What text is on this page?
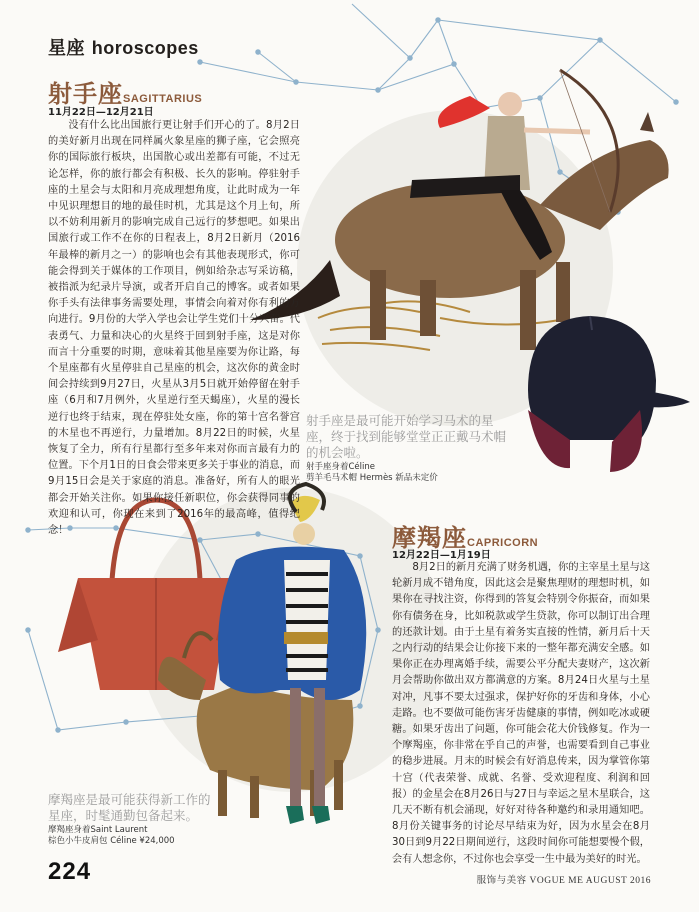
星座 horoscopes
射手座SAGITTARIUS
11月22日—12月21日
没有什么比出国旅行更让射手们开心的了。8月2日的美好新月出现在同样属火象星座的狮子座，它会照亮你的国际旅行板块，出国散心或出差都有可能，不过无论怎样，你的旅行都会有积极、长久的影响。停驻射手座的土星会与太阳和月亮成理想角度，让此时成为一年中见识理想目的地的最佳时机，尤其是这个月上旬，所以不妨利用新月的影响完成自己远行的梦想吧。如果出国旅行或工作不在你的日程表上，8月2日新月（2016年最棒的新月之一）的影响也会有其他表现形式，你可能会得到关于媒体的工作项目，例如给杂志写采访稿，被指派为纪录片导演，或者开启自己的博客。或者如果你手头有法律事务需要处理，事情会向着对你有利的方向进行。9月份的大学入学也会让学生党们十分兴奋。代表勇气、力量和决心的火星终于回到射手座，这是对你而言十分重要的时期，意味着其他星座要为你让路，每个星座都有火星停驻自己星座的机会，这次你的黄金时间会持续到9月27日，火星从3月5日就开始停留在射手座（6月和7月例外，火星逆行至天蝎座），火星的漫长逆行也终于结束，现在停驻处女座，你的第十宫名誉宫的木星也不再逆行，力量增加。8月22日的时候，火星恢复了全力，所有行星都行至多年来对你而言最有力的位置。下个月1日的日食会带来更多关于事业的消息，而9月15日会是关于家庭的消息。准备好，所有人的眼光都会开始关注你。如果你接任新职位，你会获得同事的欢迎和认可，你现在来到了2016年的最高峰，值得纪念！
射手座是最可能开始学习马术的星座，终于找到能够堂堂正正戴马术帽的机会啦。
射手座身着Céline
剪羊毛马术帽 Hermès 新品未定价
摩羯座CAPRICORN
12月22日—1月19日
8月2日的新月充满了财务机遇，你的主宰星土星与这轮新月成不错角度，因此这会是聚焦理财的理想时机，如果你在寻找注资，你得到的答复会特别令你振奋，而如果你有债务在身，比如税款或学生贷款，你可以制订出合理的还款计划。由于土星有着务实直接的性情，新月后十天之内行动的结果会让你接下来的一整年都充满安全感。如果你正在办理离婚手续，需要公平分配夫妻财产，这次新月会帮助你做出双方都满意的方案。8月24日火星与土星对冲，凡事不要太过强求，保护好你的牙齿和身体，小心走路。也不要做可能伤害牙齿健康的事情，例如吃冰或硬糖。如果牙齿出了问题，你可能会花大价钱修复。作为一个摩羯座，你非常在乎自己的声誉，也需要看到自己事业的稳步进展。月末的时候会有好消息传来，因为掌管你第十宫（代表荣誉、成就、名誉、受欢迎程度、利润和回报）的金星会在8月26日与27日与幸运之星木星联合，这几天不断有机会涌现，好好对待各种邀约和录用通知吧。8月份关键事务的讨论尽早结束为好，因为水星会在8月30日到9月22日期间逆行，这段时间你可能想要慢个假，会有人想念你，不过你也会享受一生中最为美好的时光。
摩羯座是最可能获得新工作的星座，时髦通勤包备起来。
摩羯座身着Saint Laurent
棕色小牛皮肩包 Céline ¥24,000
224	服饰与美容 VOGUE ME AUGUST 2016
